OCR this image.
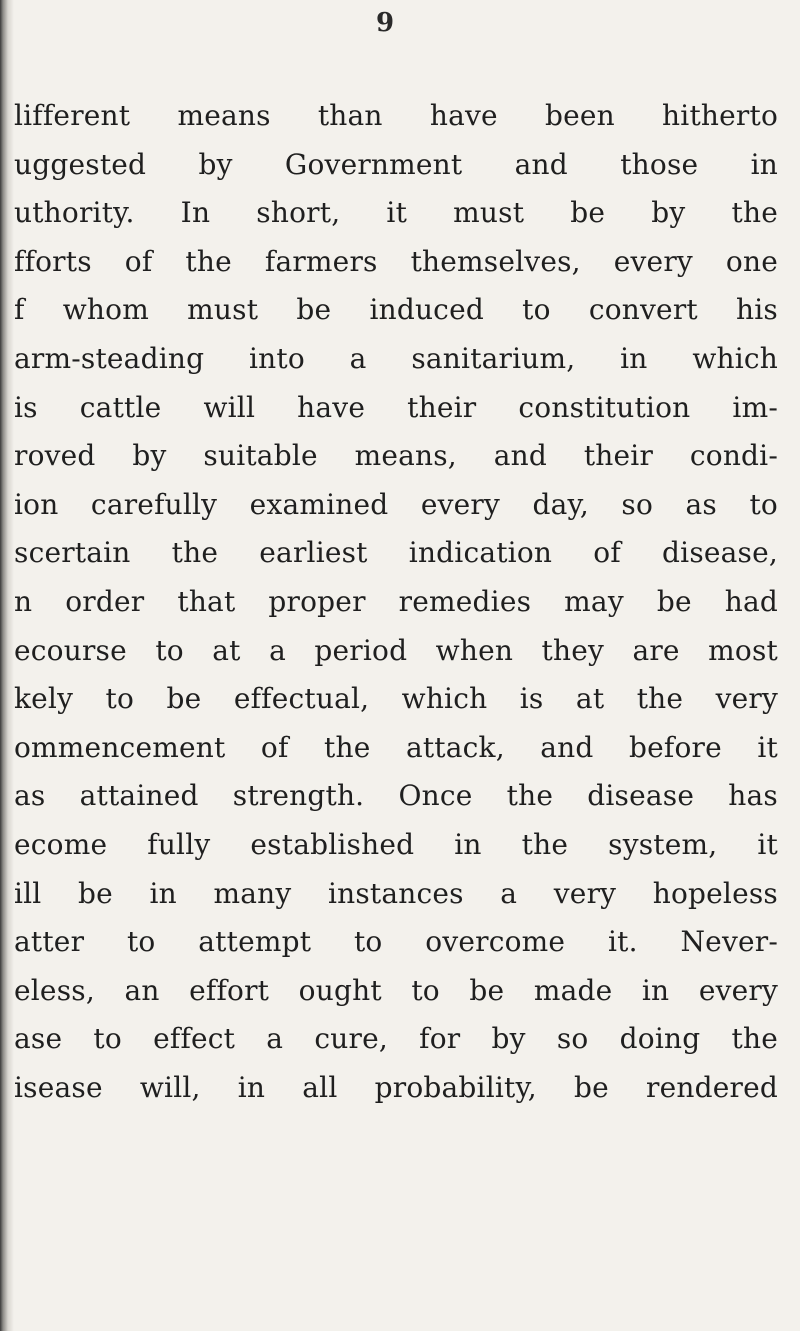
9
lifferent means than have been hitherto
uggested by Government and those in
uthority. In short, it must be by the
fforts of the farmers themselves, every one
f whom must be induced to convert his
arm-steading into a sanitarium, in which
is cattle will have their constitution im-
roved by suitable means, and their condi-
ion carefully examined every day, so as to
scertain the earliest indication of disease,
n order that proper remedies may be had
ecourse to at a period when they are most
kely to be effectual, which is at the very
ommencement of the attack, and before it
as attained strength. Once the disease has
ecome fully established in the system, it
ill be in many instances a very hopeless
atter to attempt to overcome it. Never-
eless, an effort ought to be made in every
ase to effect a cure, for by so doing the
isease will, in all probability, be rendered
